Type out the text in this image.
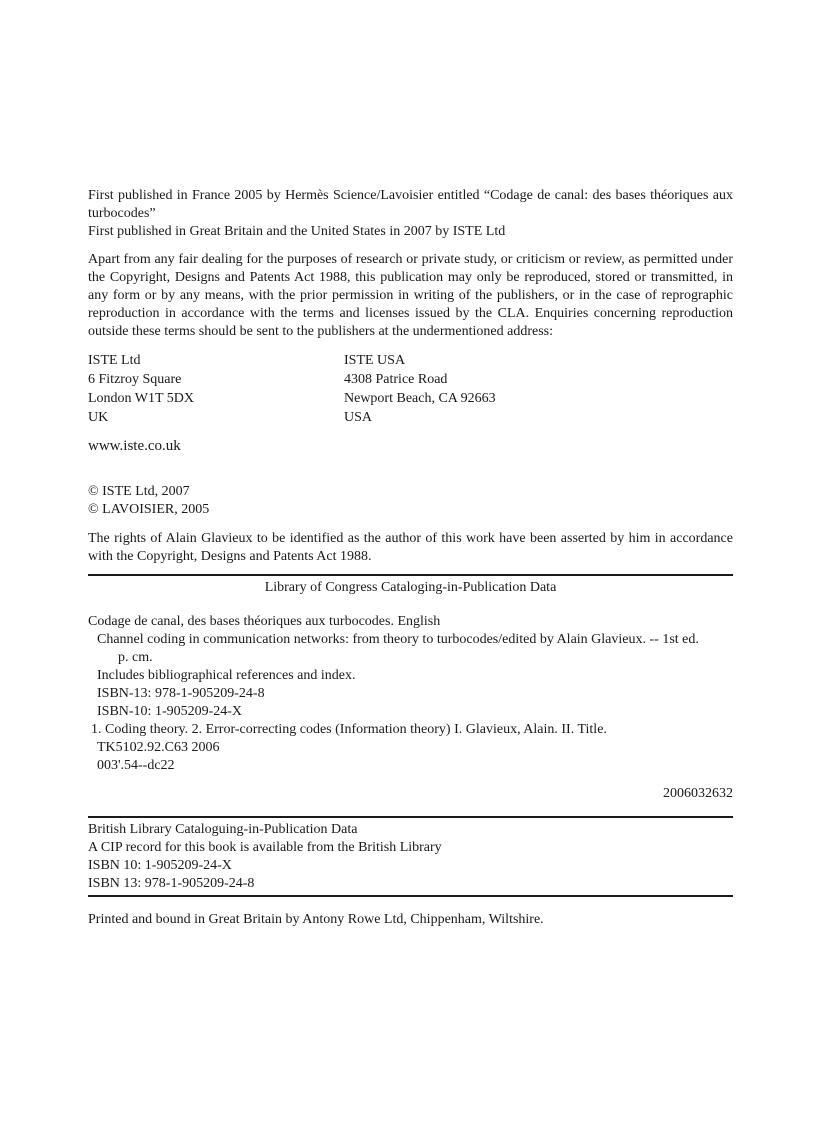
First published in France 2005 by Hermès Science/Lavoisier entitled “Codage de canal: des bases théoriques aux turbocodes”

First published in Great Britain and the United States in 2007 by ISTE Ltd

Apart from any fair dealing for the purposes of research or private study, or criticism or review, as permitted under the Copyright, Designs and Patents Act 1988, this publication may only be reproduced, stored or transmitted, in any form or by any means, with the prior permission in writing of the publishers, or in the case of reprographic reproduction in accordance with the terms and licenses issued by the CLA. Enquiries concerning reproduction outside these terms should be sent to the publishers at the undermentioned address:

ISTE Ltd

6 Fitzroy Square

London W1T 5DX

UK

ISTE USA

4308 Patrice Road

Newport Beach, CA 92663

USA

www.iste.co.uk

© ISTE Ltd, 2007

© LAVOISIER, 2005

The rights of Alain Glavieux to be identified as the author of this work have been asserted by him in accordance with the Copyright, Designs and Patents Act 1988.

Library of Congress Cataloging-in-Publication Data

Codage de canal, des bases théoriques aux turbocodes. English

Channel coding in communication networks: from theory to turbocodes/edited by Alain Glavieux. -- 1st ed.

p. cm.

Includes bibliographical references and index.

ISBN-13: 978-1-905209-24-8

ISBN-10: 1-905209-24-X

1. Coding theory. 2. Error-correcting codes (Information theory) I. Glavieux, Alain. II. Title.

TK5102.92.C63 2006

003'.54--dc22

2006032632

British Library Cataloguing-in-Publication Data

A CIP record for this book is available from the British Library

ISBN 10: 1-905209-24-X

ISBN 13: 978-1-905209-24-8

Printed and bound in Great Britain by Antony Rowe Ltd, Chippenham, Wiltshire.
